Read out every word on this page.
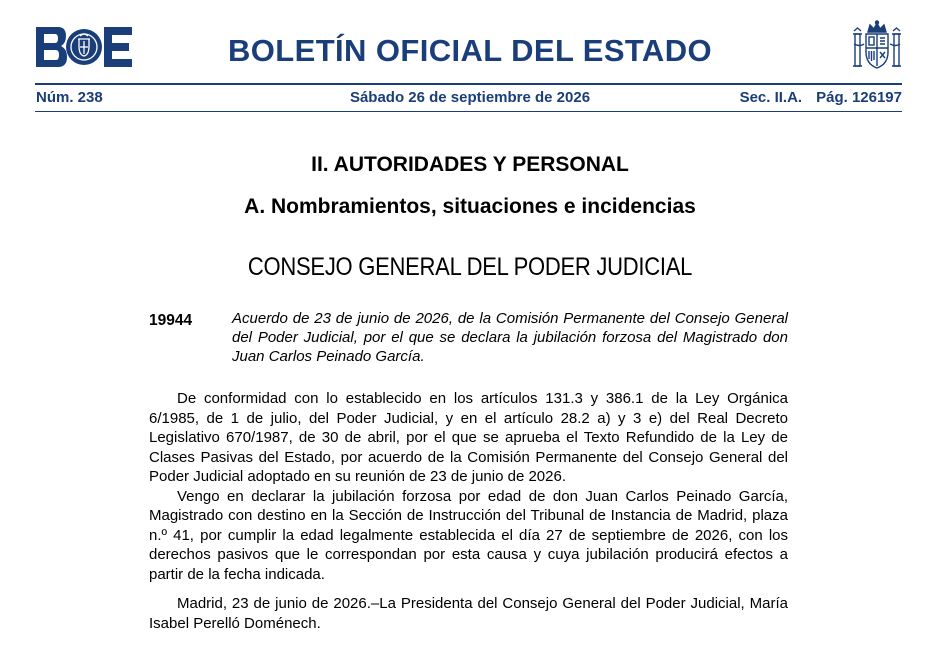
BOLETÍN OFICIAL DEL ESTADO
Núm. 238	Sábado 26 de septiembre de 2026	Sec. II.A. Pág. 126197
II. AUTORIDADES Y PERSONAL
A. Nombramientos, situaciones e incidencias
CONSEJO GENERAL DEL PODER JUDICIAL
19944	Acuerdo de 23 de junio de 2026, de la Comisión Permanente del Consejo General del Poder Judicial, por el que se declara la jubilación forzosa del Magistrado don Juan Carlos Peinado García.

De conformidad con lo establecido en los artículos 131.3 y 386.1 de la Ley Orgánica 6/1985, de 1 de julio, del Poder Judicial, y en el artículo 28.2 a) y 3 e) del Real Decreto Legislativo 670/1987, de 30 de abril, por el que se aprueba el Texto Refundido de la Ley de Clases Pasivas del Estado, por acuerdo de la Comisión Permanente del Consejo General del Poder Judicial adoptado en su reunión de 23 de junio de 2026.

Vengo en declarar la jubilación forzosa por edad de don Juan Carlos Peinado García, Magistrado con destino en la Sección de Instrucción del Tribunal de Instancia de Madrid, plaza n.º 41, por cumplir la edad legalmente establecida el día 27 de septiembre de 2026, con los derechos pasivos que le correspondan por esta causa y cuya jubilación producirá efectos a partir de la fecha indicada.

Madrid, 23 de junio de 2026.–La Presidenta del Consejo General del Poder Judicial, María Isabel Perelló Doménech.
